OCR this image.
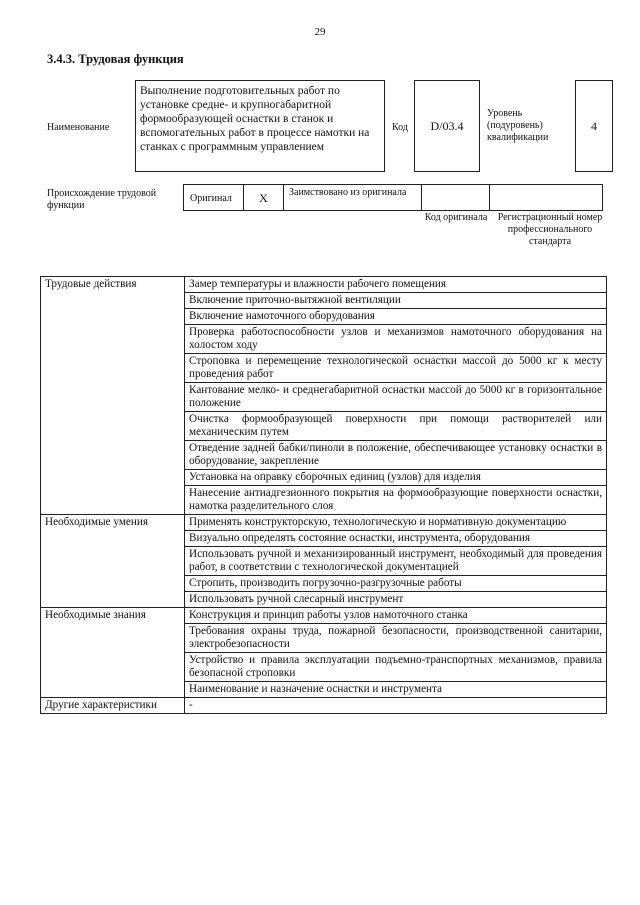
29
3.4.3. Трудовая функция
Наименование
Выполнение подготовительных работ по установке средне- и крупногабаритной формообразующей оснастки в станок и вспомогательных работ в процессе намотки на станках с программным управлением
Код	D/03.4
Уровень (подуровень) квалификации
4
Происхождение трудовой функции
Оригинал	X	Заимствовано из оригинала
Код оригинала Регистрационный номер профессионального стандарта
Трудовые действия	Замер температуры и влажности рабочего помещения
	Включение приточно-вытяжной вентиляции
	Включение намоточного оборудования
	Проверка работоспособности узлов и механизмов намоточного оборудования на холостом ходу
	Строповка и перемещение технологической оснастки массой до 5000 кг к месту проведения работ
	Кантование мелко- и среднегабаритной оснастки массой до 5000 кг в горизонтальное положение
	Очистка формообразующей поверхности при помощи растворителей или механическим путем
	Отведение задней бабки/пиноли в положение, обеспечивающее установку оснастки в оборудование, закрепление
	Установка на оправку сборочных единиц (узлов) для изделия
	Нанесение антиадгезионного покрытия на формообразующие поверхности оснастки, намотка разделительного слоя
Необходимые умения	Применять конструкторскую, технологическую и нормативную документацию
	Визуально определять состояние оснастки, инструмента, оборудования
	Использовать ручной и механизированный инструмент, необходимый для проведения работ, в соответствии с технологической документацией
	Стропить, производить погрузочно-разгрузочные работы
	Использовать ручной слесарный инструмент
Необходимые знания	Конструкция и принцип работы узлов намоточного станка
	Требования охраны труда, пожарной безопасности, производственной санитарии, электробезопасности
	Устройство и правила эксплуатации подъемно-транспортных механизмов, правила безопасной строповки
	Наименование и назначение оснастки и инструмента
Другие характеристики	-
